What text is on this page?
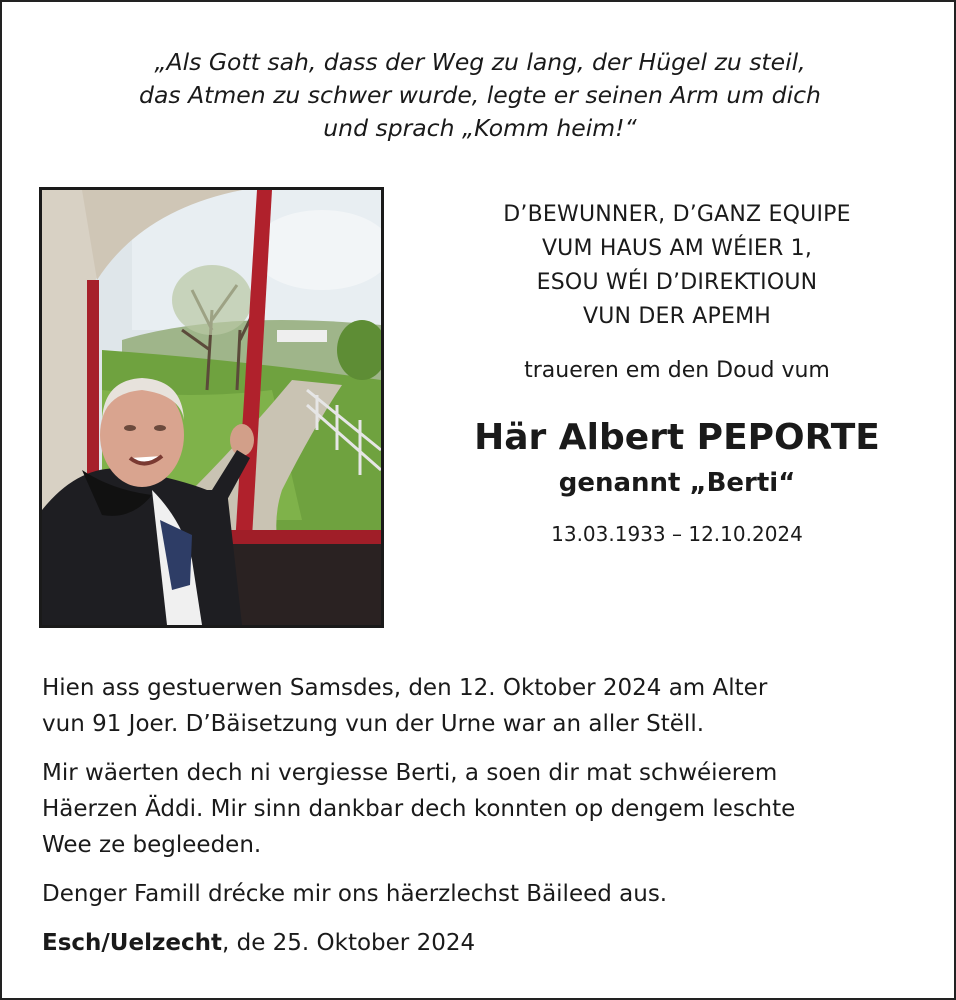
„Als Gott sah, dass der Weg zu lang, der Hügel zu steil,
das Atmen zu schwer wurde, legte er seinen Arm um dich
und sprach „Komm heim!“
D’BEWUNNER, D’GANZ EQUIPE
VUM HAUS AM WÉIER 1,
ESOU WÉI D’DIREKTIOUN
VUN DER APEMH
traueren em den Doud vum
Här Albert PEPORTE
genannt „Berti“
13.03.1933 – 12.10.2024

Hien ass gestuerwen Samsdes, den 12. Oktober 2024 am Alter
vun 91 Joer. D’Bäisetzung vun der Urne war an aller Stëll.

Mir wäerten dech ni vergiesse Berti, a soen dir mat schwéierem
Häerzen Äddi. Mir sinn dankbar dech konnten op dengem leschte
Wee ze begleeden.

Denger Famill drécke mir ons häerzlechst Bäileed aus.

Esch/Uelzecht, de 25. Oktober 2024
